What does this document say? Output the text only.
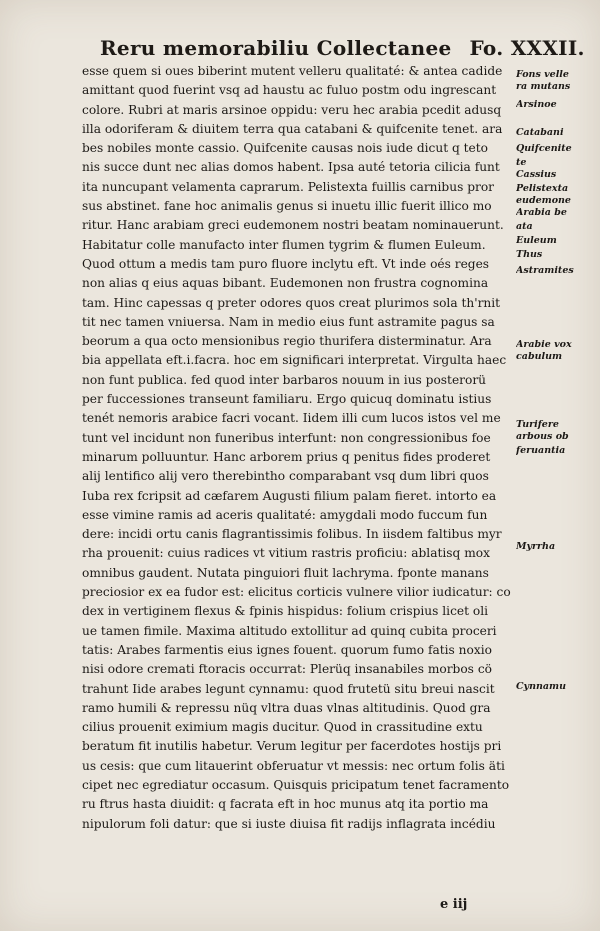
Reru memorabiliu Collectanee Fo. XXXII.
esse quem si oues biberint mutent velleru qualitaté: & antea cadide
amittant quod fuerint vsq ad haustu ac fuluo postm odu ingrescant
colore. Rubri at maris arsinoe oppidu: veru hec arabia pcedit adusq
illa odoriferam & diuitem terra qua catabani & quifcenite tenet. ara
bes nobiles monte cassio. Quifcenite causas nois iude dicut q teto
nis succe dunt nec alias domos habent. Ipsa auté tetoria cilicia funt
ita nuncupant velamenta caprarum. Pelistexta fuillis carnibus pror
sus abstinet. fane hoc animalis genus si inuetu illic fuerit illico mo
ritur. Hanc arabiam greci eudemonem nostri beatam nominauerunt.
Habitatur colle manufacto inter flumen tygrim & flumen Euleum.
Quod ottum a medis tam puro fluore inclytu eft. Vt inde oés reges
non alias q eius aquas bibant. Eudemonen non frustra cognomina
tam. Hinc capessas q preter odores quos creat plurimos sola th'rnit
tit nec tamen vniuersa. Nam in medio eius funt astramite pagus sa
beorum a qua octo mensionibus regio thurifera disterminatur. Ara
bia appellata eft.i.facra. hoc em significari interpretat. Virgulta haec
non funt publica. fed quod inter barbaros nouum in ius posterorü
per fuccessiones transeunt familiaru. Ergo quicuq dominatu istius
tenét nemoris arabice facri vocant. Iidem illi cum lucos istos vel me
tunt vel incidunt non funeribus interfunt: non congressionibus foe
minarum polluuntur. Hanc arborem prius q penitus fides proderet
alij lentifico alij vero therebintho comparabant vsq dum libri quos
Iuba rex fcripsit ad cæfarem Augusti filium palam fieret. intorto ea
esse vimine ramis ad aceris qualitaté: amygdali modo fuccum fun
dere: incidi ortu canis flagrantissimis folibus. In iisdem faltibus myr
rha prouenit: cuius radices vt vitium rastris proficiu: ablatisq mox
omnibus gaudent. Nutata pinguiori fluit lachryma. fponte manans
preciosior ex ea fudor est: elicitus corticis vulnere vilior iudicatur: co
dex in vertiginem flexus & fpinis hispidus: folium crispius licet oli
ue tamen fimile. Maxima altitudo extollitur ad quinq cubita proceri
tatis: Arabes farmentis eius ignes fouent. quorum fumo fatis noxio
nisi odore cremati ftoracis occurrat: Plerüq insanabiles morbos cö
trahunt Iide arabes legunt cynnamu: quod frutetü situ breui nascit
ramo humili & repressu nüq vltra duas vlnas altitudinis. Quod gra
cilius prouenit eximium magis ducitur. Quod in crassitudine extu
beratum fit inutilis habetur. Verum legitur per facerdotes hostijs pri
us cesis: que cum litauerint obferuatur vt messis: nec ortum folis äti
cipet nec egrediatur occasum. Quisquis pricipatum tenet facramento
ru ftrus hasta diuidit: q facrata eft in hoc munus atq ita portio ma
nipulorum foli datur: que si iuste diuisa fit radijs inflagrata incédiu
Fons velle
ra mutans
Arsinoe
Catabani
Quifcenite
te
Cassius
Pelistexta
eudemone
Arabia be
ata
Euleum
Thus
Astramites
Arabie vox
cabulum
Turifere
arbous ob
feruantia
Myrrha
Cynnamu
e iij
